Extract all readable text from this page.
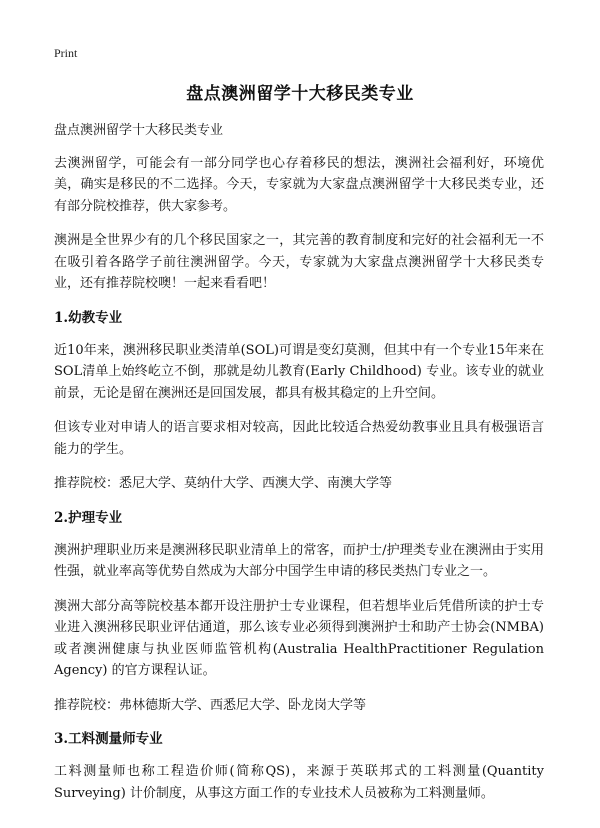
Print
盘点澳洲留学十大移民类专业

盘点澳洲留学十大移民类专业

去澳洲留学，可能会有一部分同学也心存着移民的想法，澳洲社会福利好，环境优美，确实是移民的不二选择。今天，专家就为大家盘点澳洲留学十大移民类专业，还有部分院校推荐，供大家参考。

澳洲是全世界少有的几个移民国家之一，其完善的教育制度和完好的社会福利无一不在吸引着各路学子前往澳洲留学。今天，专家就为大家盘点澳洲留学十大移民类专业，还有推荐院校噢！一起来看看吧！

1.幼教专业

近10年来，澳洲移民职业类清单(SOL)可谓是变幻莫测，但其中有一个专业15年来在SOL清单上始终屹立不倒，那就是幼儿教育(Early Childhood) 专业。该专业的就业前景，无论是留在澳洲还是回国发展，都具有极其稳定的上升空间。

但该专业对申请人的语言要求相对较高，因此比较适合热爱幼教事业且具有极强语言能力的学生。

推荐院校：悉尼大学、莫纳什大学、西澳大学、南澳大学等

2.护理专业

澳洲护理职业历来是澳洲移民职业清单上的常客，而护士/护理类专业在澳洲由于实用性强，就业率高等优势自然成为大部分中国学生申请的移民类热门专业之一。

澳洲大部分高等院校基本都开设注册护士专业课程，但若想毕业后凭借所读的护士专业进入澳洲移民职业评估通道，那么该专业必须得到澳洲护士和助产士协会(NMBA)或者澳洲健康与执业医师监管机构(Australia HealthPractitioner Regulation Agency) 的官方课程认证。

推荐院校：弗林德斯大学、西悉尼大学、卧龙岗大学等

3.工料测量师专业

工料测量师也称工程造价师(简称QS)，来源于英联邦式的工料测量(Quantity Surveying) 计价制度，从事这方面工作的专业技术人员被称为工料测量师。
